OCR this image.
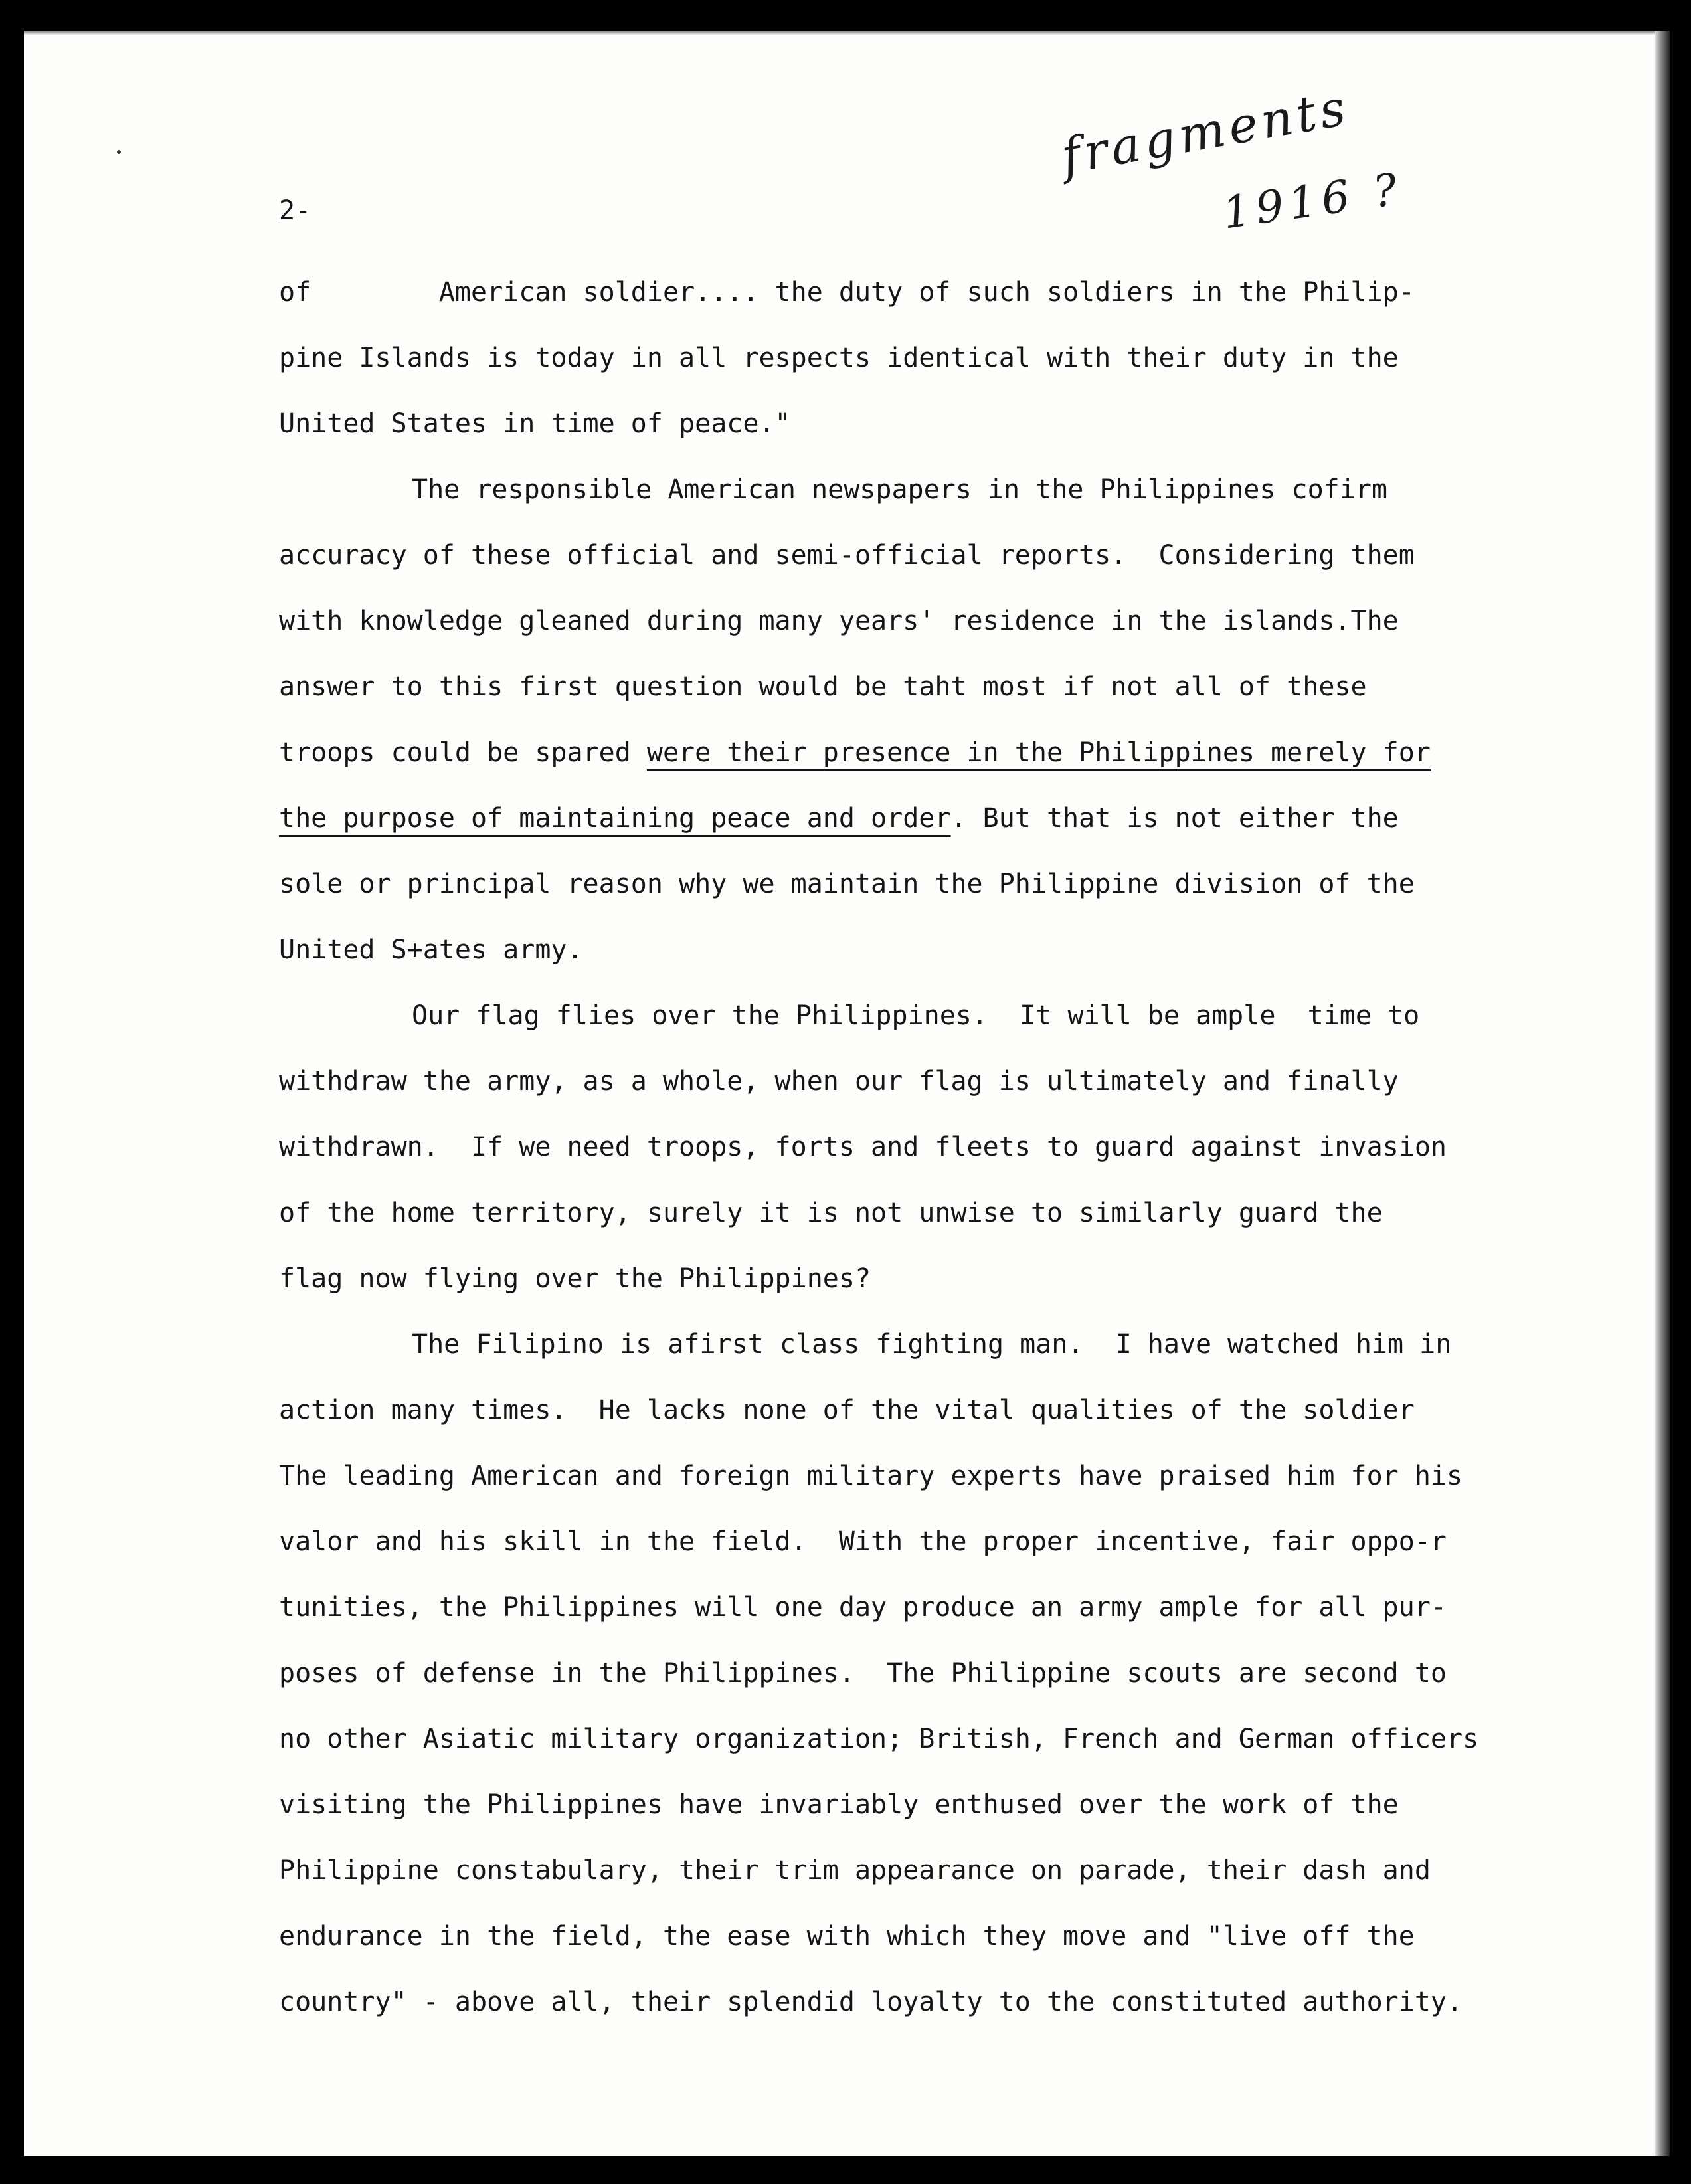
fragments
1916 ?
2-
of        American soldier.... the duty of such soldiers in the Philip-
pine Islands is today in all respects identical with their duty in the
United States in time of peace."
The responsible American newspapers in the Philippines cofirm
accuracy of these official and semi-official reports.  Considering them
with knowledge gleaned during many years' residence in the islands.The
answer to this first question would be taht most if not all of these
troops could be spared were their presence in the Philippines merely for
the purpose of maintaining peace and order. But that is not either the
sole or principal reason why we maintain the Philippine division of the
United S+ates army.
Our flag flies over the Philippines.  It will be ample  time to
withdraw the army, as a whole, when our flag is ultimately and finally
withdrawn.  If we need troops, forts and fleets to guard against invasion
of the home territory, surely it is not unwise to similarly guard the
flag now flying over the Philippines?
The Filipino is afirst class fighting man.  I have watched him in
action many times.  He lacks none of the vital qualities of the soldier
The leading American and foreign military experts have praised him for his
valor and his skill in the field.  With the proper incentive, fair oppo-r
tunities, the Philippines will one day produce an army ample for all pur-
poses of defense in the Philippines.  The Philippine scouts are second to
no other Asiatic military organization; British, French and German officers
visiting the Philippines have invariably enthused over the work of the
Philippine constabulary, their trim appearance on parade, their dash and
endurance in the field, the ease with which they move and "live off the
country" - above all, their splendid loyalty to the constituted authority.
